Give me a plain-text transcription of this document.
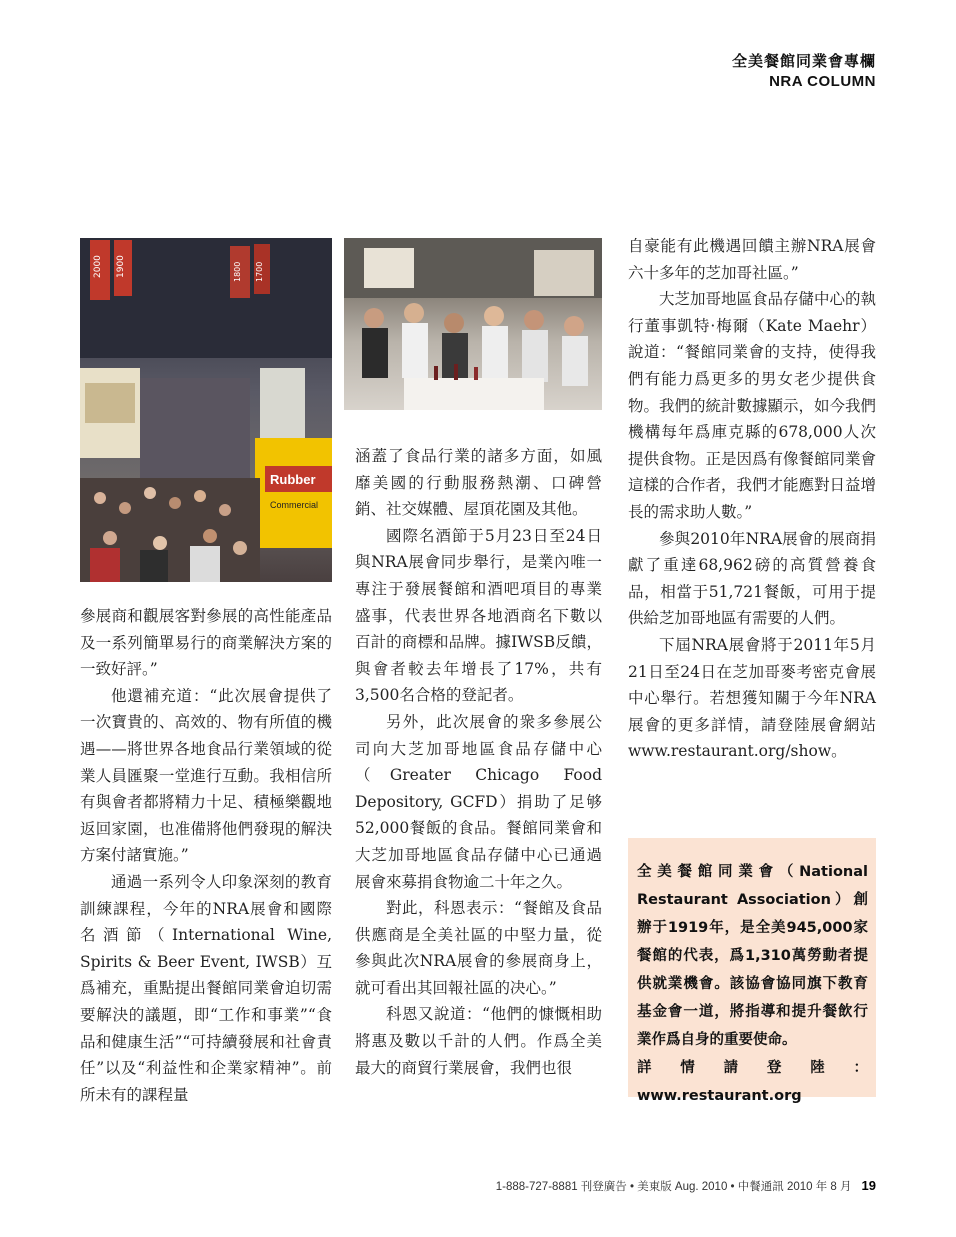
全美餐館同業會專欄
NRA COLUMN
2000 1900	1800 1700
Rubber
Commercial

參展商和觀展客對參展的高性能產品及一系列簡單易行的商業解決方案的一致好評。”

他還補充道：“此次展會提供了一次寶貴的、高效的、物有所值的機遇——將世界各地食品行業領域的從業人員匯聚一堂進行互動。我相信所有與會者都將精力十足、積極樂觀地返回家園，也准備將他們發現的解決方案付諸實施。”

通過一系列令人印象深刻的教育訓練課程，今年的NRA展會和國際名酒節（International Wine, Spirits & Beer Event, IWSB）互爲補充，重點提出餐館同業會迫切需要解決的議題，即“工作和事業”“食品和健康生活”“可持續發展和社會責任”以及“利益性和企業家精神”。前所未有的課程量

涵蓋了食品行業的諸多方面，如風靡美國的行動服務熱潮、口碑營銷、社交媒體、屋頂花園及其他。

國際名酒節于5月23日至24日與NRA展會同步舉行，是業內唯一專注于發展餐館和酒吧項目的專業盛事，代表世界各地酒商名下數以百計的商標和品牌。據IWSB反饋，與會者較去年增長了17%，共有3,500名合格的登記者。

另外，此次展會的衆多參展公司向大芝加哥地區食品存儲中心（Greater Chicago Food Depository, GCFD）捐助了足够52,000餐飯的食品。餐館同業會和大芝加哥地區食品存儲中心已通過展會來募捐食物逾二十年之久。

對此，科恩表示：“餐館及食品供應商是全美社區的中堅力量，從參與此次NRA展會的參展商身上，就可看出其回報社區的决心。”

科恩又說道：“他們的慷慨相助將惠及數以千計的人們。作爲全美最大的商貿行業展會，我們也很

自豪能有此機遇回饋主辦NRA展會六十多年的芝加哥社區。”

大芝加哥地區食品存儲中心的執行董事凱特·梅爾（Kate Maehr）說道：“餐館同業會的支持，使得我們有能力爲更多的男女老少提供食物。我們的統計數據顯示，如今我們機構每年爲庫克縣的678,000人次提供食物。正是因爲有像餐館同業會這樣的合作者，我們才能應對日益增長的需求助人數。”

參與2010年NRA展會的展商捐獻了重達68,962磅的高質營養食品，相當于51,721餐飯，可用于提供給芝加哥地區有需要的人們。

下屆NRA展會將于2011年5月21日至24日在芝加哥麥考密克會展中心舉行。若想獲知關于今年NRA展會的更多詳情，請登陸展會網站www.restaurant.org/show。

全美餐館同業會（National Restaurant Association）創辦于1919年，是全美945,000家餐館的代表，爲1,310萬勞動者提供就業機會。該協會協同旗下教育基金會一道，將指導和提升餐飲行業作爲自身的重要使命。
詳情請登陸：www.restaurant.org
1-888-727-8881 刊登廣告 • 美東版 Aug. 2010 • 中餐通訊 2010 年 8 月 19
